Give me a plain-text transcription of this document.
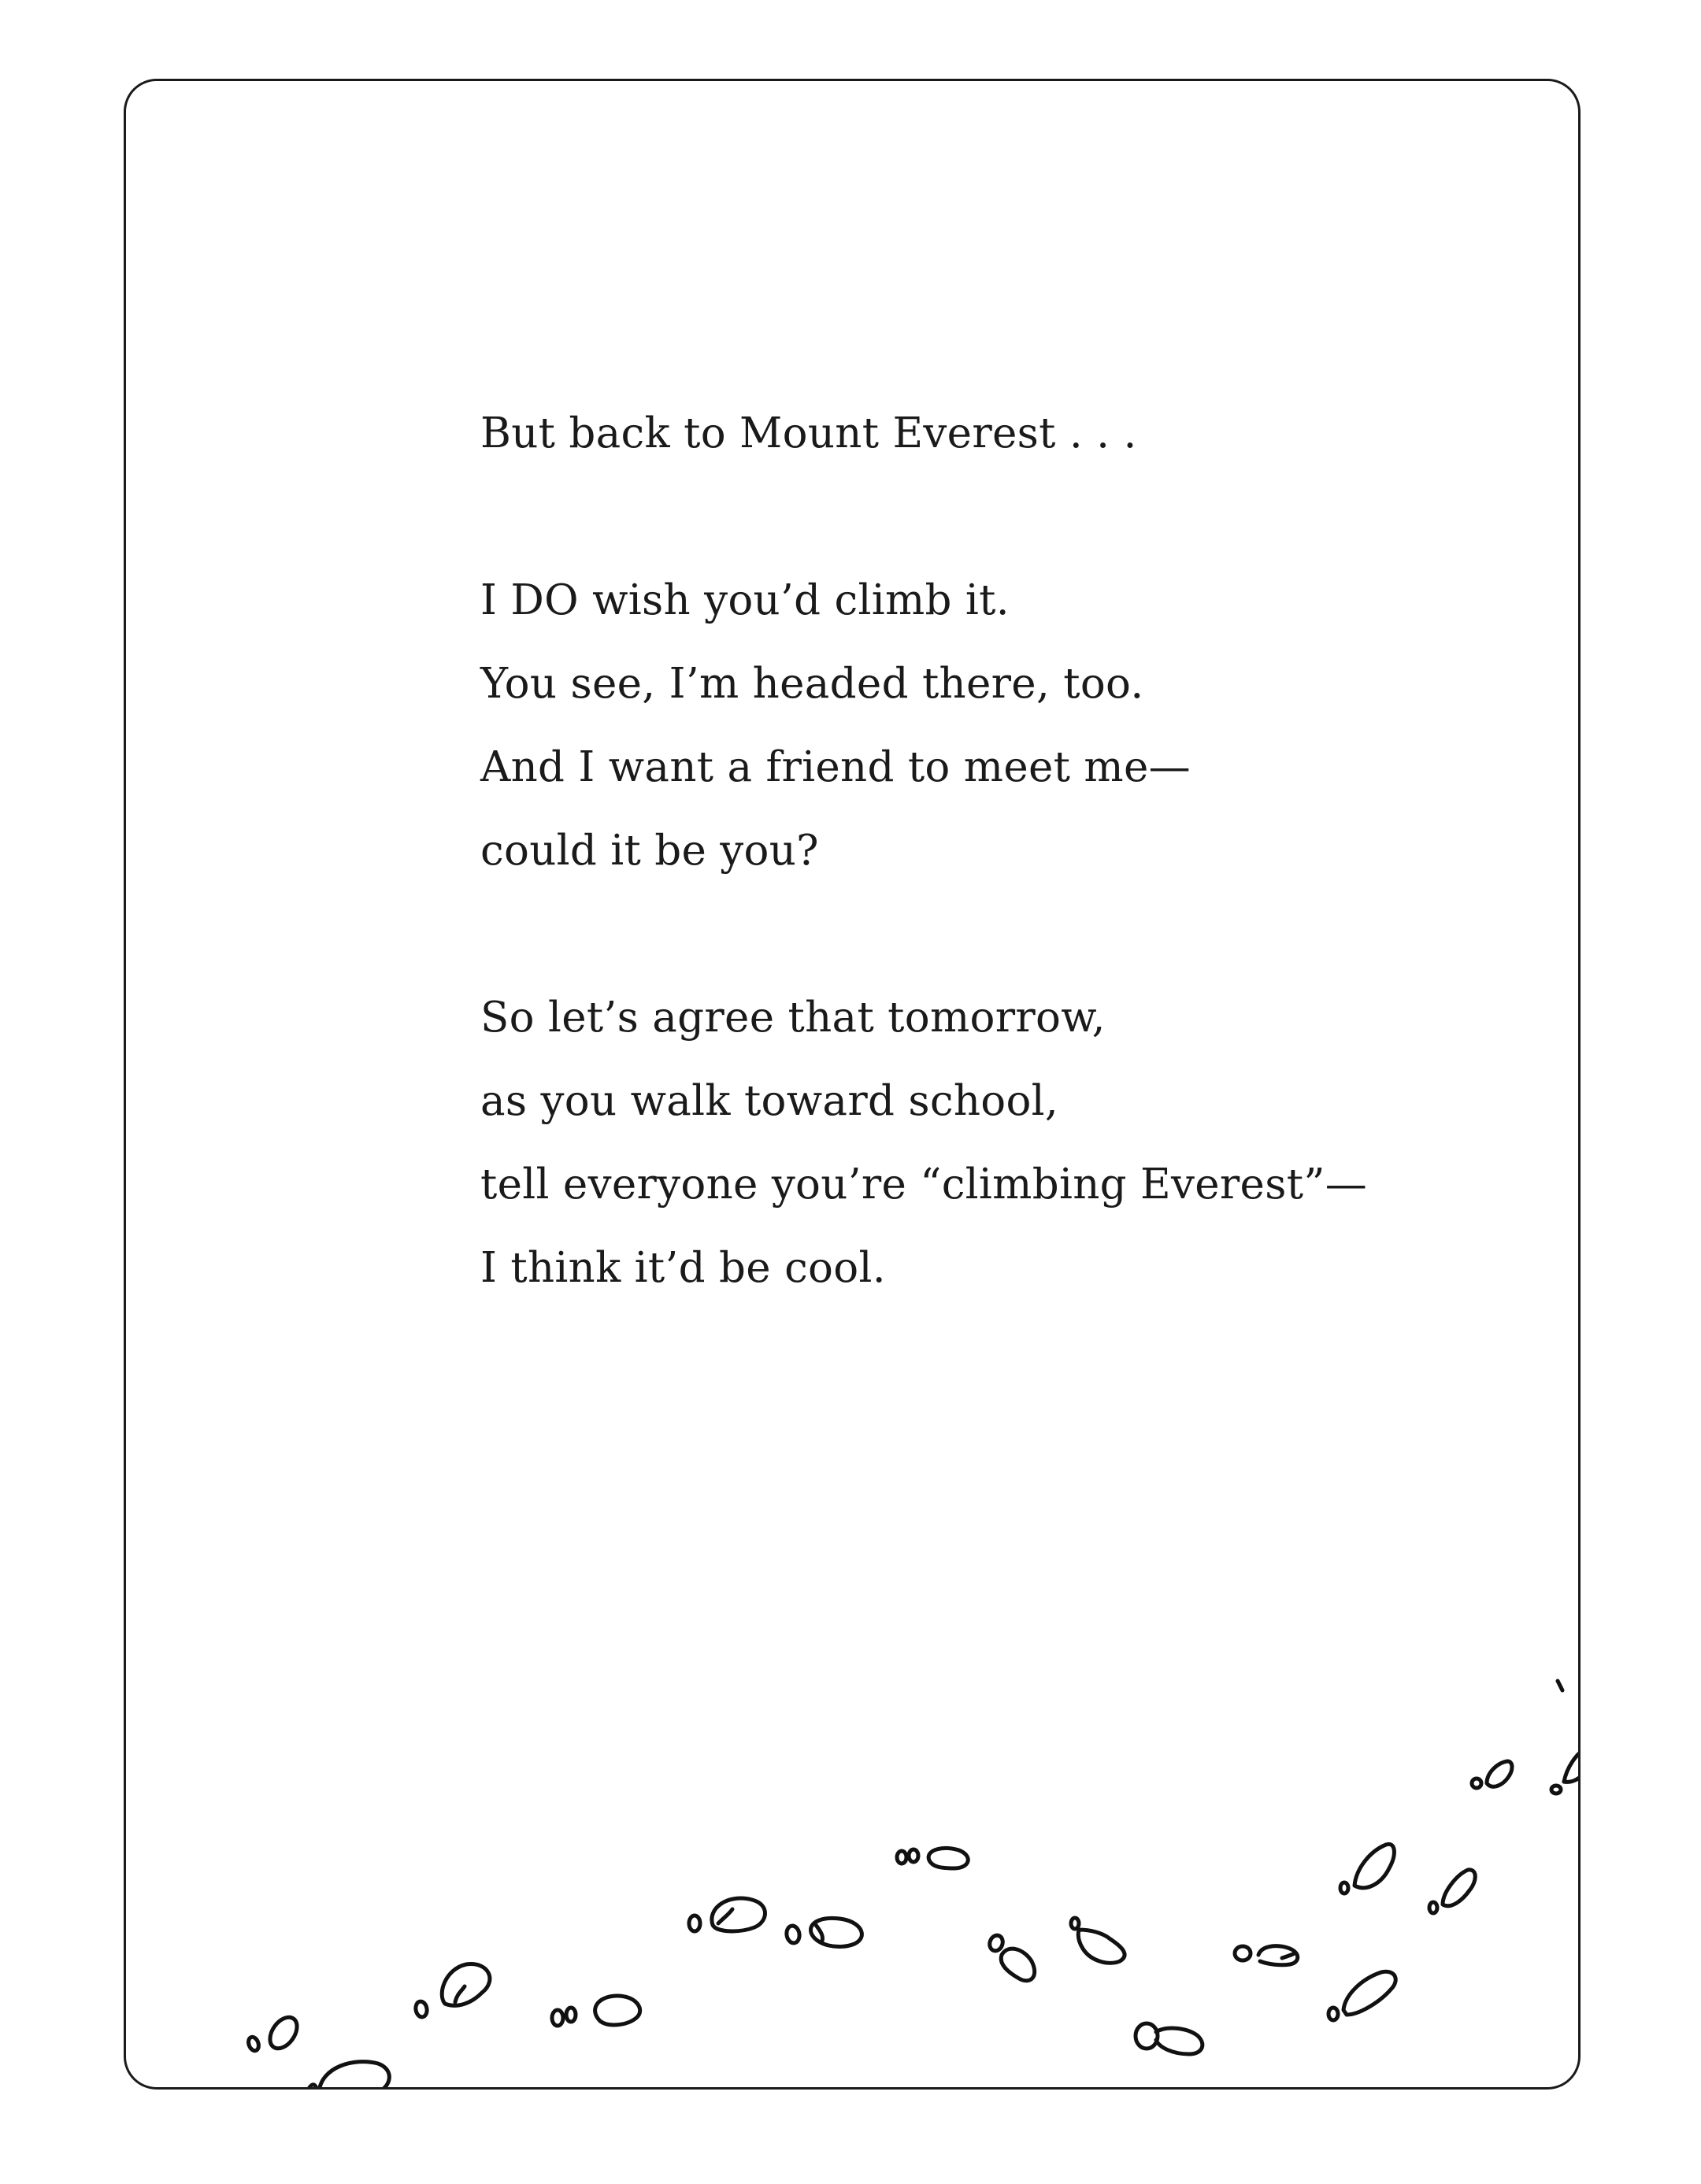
But back to Mount Everest . . .
I DO wish you’d climb it.
You see, I’m headed there, too.
And I want a friend to meet me—
could it be you?
So let’s agree that tomorrow,
as you walk toward school,
tell everyone you’re “climbing Everest”—
I think it’d be cool.
